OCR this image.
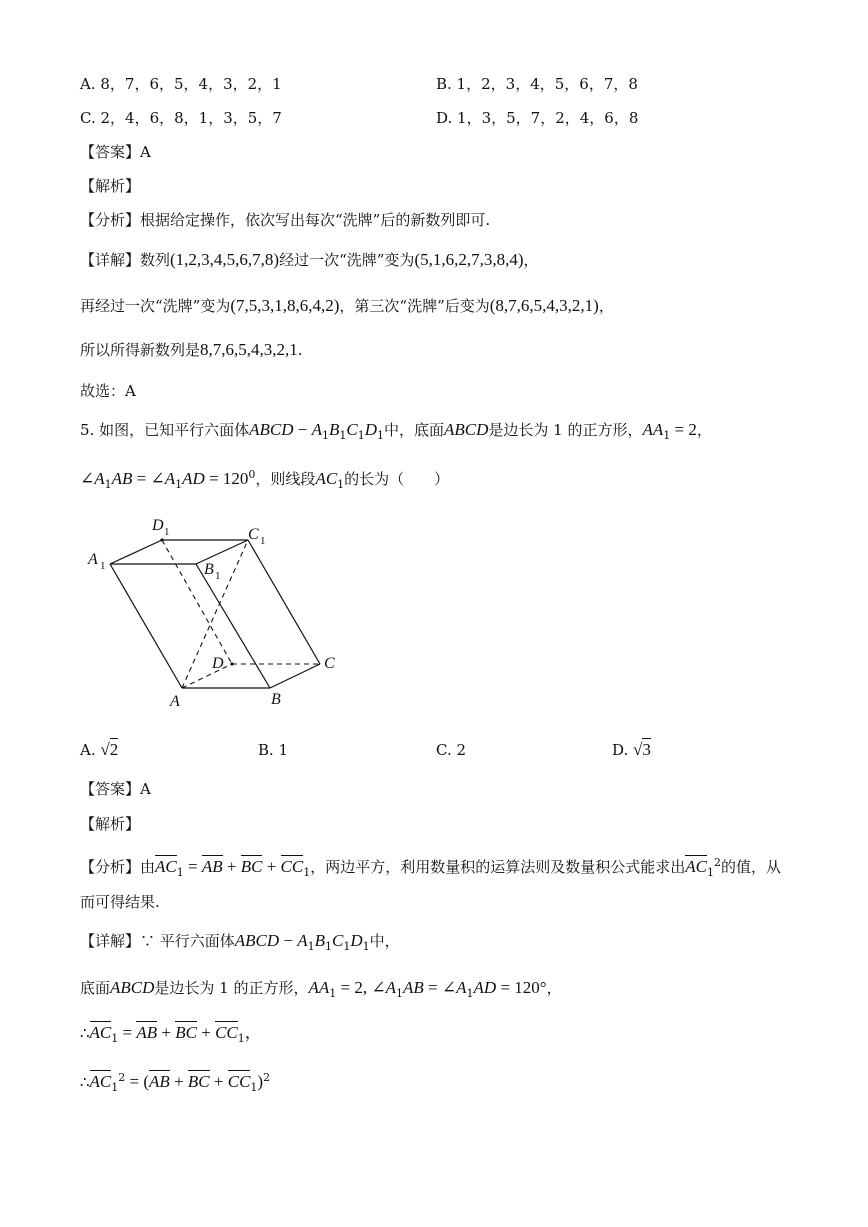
A. 8，7，6，5，4，3，2，1	B. 1，2，3，4，5，6，7，8
C. 2，4，6，8，1，3，5，7	D. 1，3，5，7，2，4，6，8
【答案】A
【解析】
【分析】根据给定操作，依次写出每次“洗牌”后的新数列即可.
【详解】数列(1,2,3,4,5,6,7,8)经过一次“洗牌”变为(5,1,6,2,7,3,8,4)，
再经过一次“洗牌”变为(7,5,3,1,8,6,4,2)，第三次“洗牌”后变为(8,7,6,5,4,3,2,1)，
所以所得新数列是8,7,6,5,4,3,2,1.
故选：A
5. 如图，已知平行六面体ABCD − $A_1B_1C_1D_1$中，底面ABCD是边长为 1 的正方形，$AA_1 = 2$，
$\angle A_1AB$ = $\angle A_1AD = 120^0$，则线段$AC_1$的长为（　　）
A 1
D 1	C 1
B 1
D	C
A	B
A. √2	B. 1	C. 2	D. √3
【答案】A
【解析】
【分析】由$AC_1$ = AB + BC + $CC_1$，两边平方，利用数量积的运算法则及数量积公式能求出$AC_1^2$的值，从
而可得结果.
【详解】∵ 平行六面体ABCD − $A_1B_1C_1D_1$中，
底面ABCD是边长为 1 的正方形，$AA_1 = 2$, $\angle A_1AB$ = $\angle A_1AD = 120^\circ$，
$\therefore AC_1$ = AB + BC + $CC_1$，
$\therefore AC_1^2 = (AB$ + BC + $CC_1)^2$
